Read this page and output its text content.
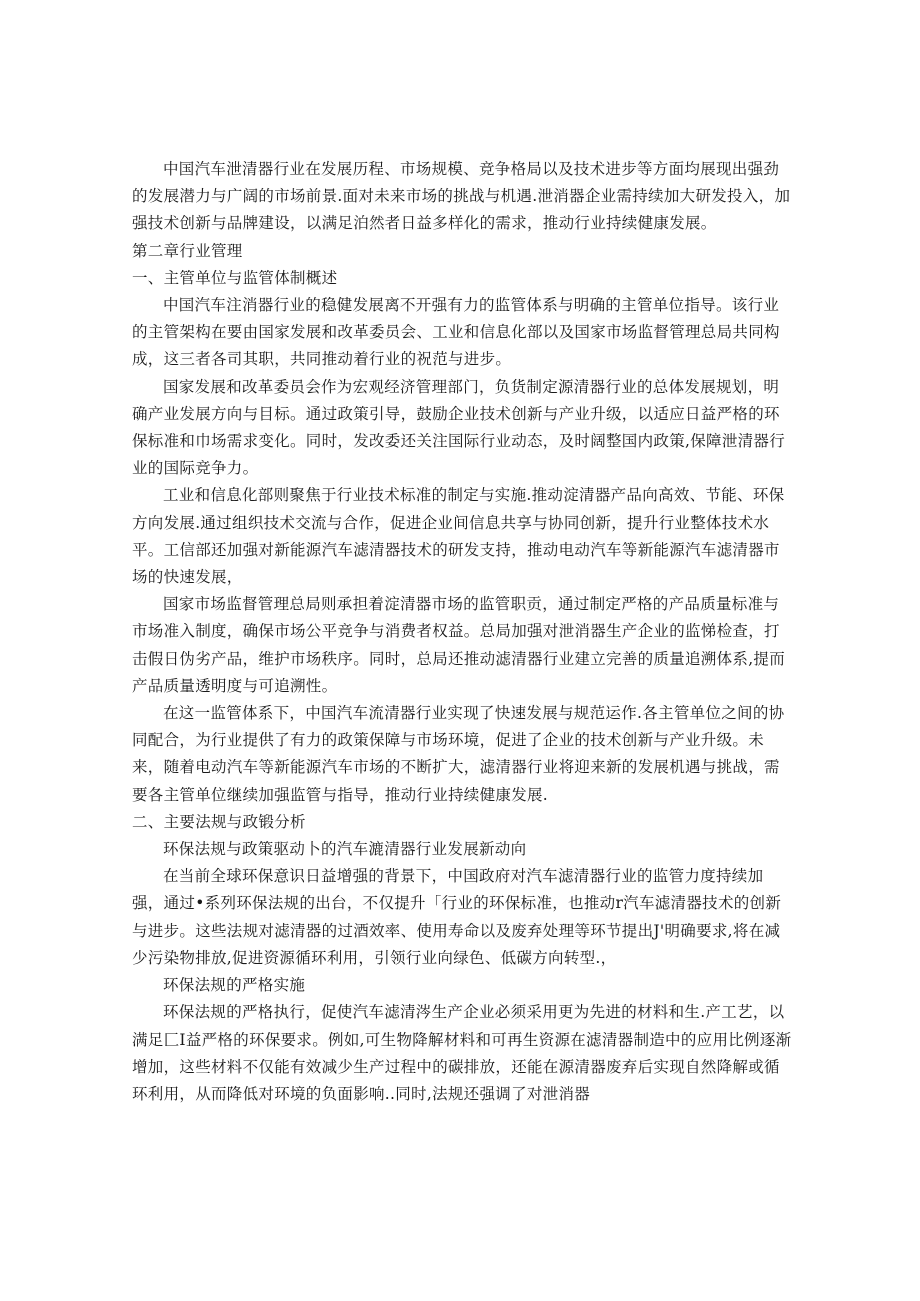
中国汽车泄清器行业在发展历程、市场规模、竞争格局以及技术进步等方面均展现出强劲的发展潜力与广阔的市场前景.面对未来市场的挑战与机遇.泄消器企业需持续加大研发投入，加强技术创新与品牌建设，以满足泊然者日益多样化的需求，推动行业持续健康发展。

第二章行业管理

一、主管单位与监管体制概述

中国汽车注消器行业的稳健发展离不开强有力的监管体系与明确的主管单位指导。该行业的主管架构在要由国家发展和改革委员会、工业和信息化部以及国家市场监督管理总局共同构成，这三者各司其职，共同推动着行业的祝范与进步。

国家发展和改革委员会作为宏观经济管理部门，负货制定源清器行业的总体发展规划，明确产业发展方向与目标。通过政策引导，鼓励企业技术创新与产业升级，以适应日益严格的环保标准和巾场需求变化。同时，发改委还关注国际行业动态，及时阔整国内政策,保障泄清器行业的国际竞争力。

工业和信息化部则聚焦于行业技术标准的制定与实施.推动淀清器产品向高效、节能、环保方向发展.通过组织技术交流与合作，促进企业间信息共享与协同创新，提升行业整体技术水平。工信部还加强对新能源汽车滤清器技术的研发支持，推动电动汽车等新能源汽车滤清器市场的快速发展，

国家市场监督管理总局则承担着淀清器市场的监管职贡，通过制定严格的产品质量标准与市场准入制度，确保市场公平竞争与消费者权益。总局加强对泄消器生产企业的监悌检查，打击假日伪劣产品，维护市场秩序。同时，总局还推动滤清器行业建立完善的质量追溯体系,提而产品质量透明度与可追溯性。

在这一监管体系下，中国汽车流清器行业实现了快速发展与规范运作.各主管单位之间的协同配合，为行业提供了有力的政策保障与市场环境，促进了企业的技术创新与产业升级。未来，随着电动汽车等新能源汽车市场的不断扩大，滤清器行业将迎来新的发展机遇与挑战，需要各主管单位继续加强监管与指导，推动行业持续健康发展.

二、主要法规与政锻分析

环保法规与政策驱动卜的汽车漉清器行业发展新动向

在当前全球环保意识日益增强的背景下，中国政府对汽车滤清器行业的监管力度持续加强，通过•系列环保法规的出台，不仅提升「行业的环保标准，也推动r汽车滤清器技术的创新与进步。这些法规对滤清器的过酒效率、使用寿命以及废弃处理等环节提出J'明确要求,将在减少污染物排放,促进资源循环利用，引领行业向绿色、低碳方向转型.，

环保法规的严格实施

环保法规的严格执行，促使汽车滤清涔生产企业必须采用更为先进的材料和生.产工艺，以满足匚I益严格的环保要求。例如,可生物降解材料和可再生资源在滤清器制造中的应用比例逐渐增加，这些材料不仅能有效减少生产过程中的碳排放，还能在源清器废弃后实现自然降解或循环利用，从而降低对环境的负面影响..同时,法规还强调了对泄消器
